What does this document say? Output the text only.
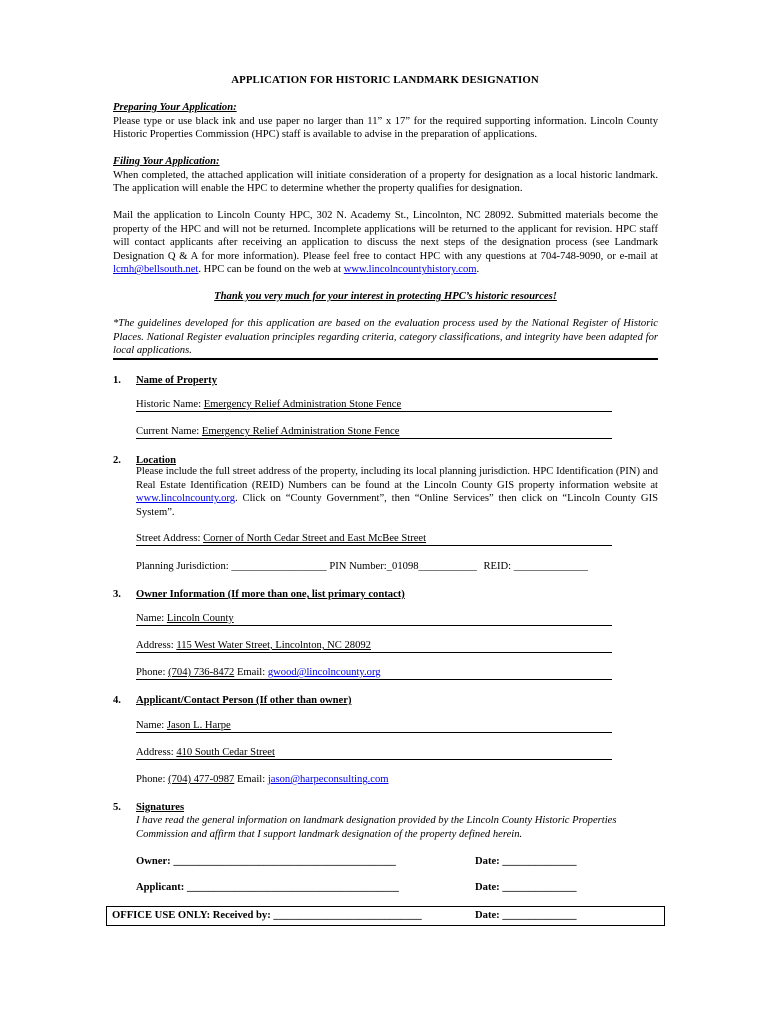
APPLICATION FOR HISTORIC LANDMARK DESIGNATION
Preparing Your Application:
Please type or use black ink and use paper no larger than 11” x 17” for the required supporting information. Lincoln County Historic Properties Commission (HPC) staff is available to advise in the preparation of applications.
Filing Your Application:
When completed, the attached application will initiate consideration of a property for designation as a local historic landmark. The application will enable the HPC to determine whether the property qualifies for designation.
Mail the application to Lincoln County HPC, 302 N. Academy St., Lincolnton, NC 28092. Submitted materials become the property of the HPC and will not be returned. Incomplete applications will be returned to the applicant for revision. HPC staff will contact applicants after receiving an application to discuss the next steps of the designation process (see Landmark Designation Q & A for more information). Please feel free to contact HPC with any questions at 704-748-9090, or e-mail at lcmh@bellsouth.net. HPC can be found on the web at www.lincolncountyhistory.com.
Thank you very much for your interest in protecting HPC’s historic resources!
*The guidelines developed for this application are based on the evaluation process used by the National Register of Historic Places. National Register evaluation principles regarding criteria, category classifications, and integrity have been adapted for local applications.
1. Name of Property
Historic Name: Emergency Relief Administration Stone Fence
Current Name: Emergency Relief Administration Stone Fence
2. Location
Please include the full street address of the property, including its local planning jurisdiction. HPC Identification (PIN) and Real Estate Identification (REID) Numbers can be found at the Lincoln County GIS property information website at www.lincolncounty.org. Click on “County Government”, then “Online Services” then click on “Lincoln County GIS System”.
Street Address: Corner of North Cedar Street and East McBee Street
Planning Jurisdiction: __________________ PIN Number:_01098___________ REID: ______________
3. Owner Information (If more than one, list primary contact)
Name: Lincoln County
Address: 115 West Water Street, Lincolnton, NC 28092
Phone: (704) 736-8472 Email: gwood@lincolncounty.org
4. Applicant/Contact Person (If other than owner)
Name: Jason L. Harpe
Address: 410 South Cedar Street
Phone: (704) 477-0987 Email: jason@harpeconsulting.com
5. Signatures
I have read the general information on landmark designation provided by the Lincoln County Historic Properties Commission and affirm that I support landmark designation of the property defined herein.
Owner: __________________________________________	Date: ______________
Applicant: ________________________________________	Date: ______________
OFFICE USE ONLY: Received by: ____________________________	Date: ______________
